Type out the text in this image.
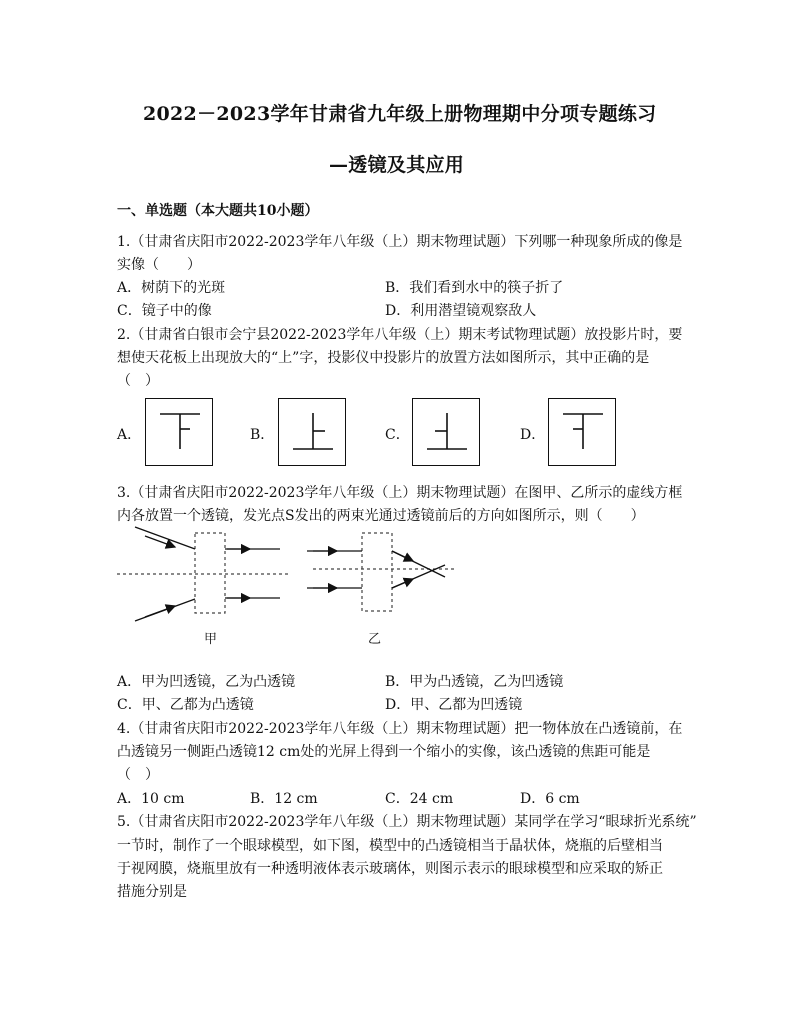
2022－2023学年甘肃省九年级上册物理期中分项专题练习
—透镜及其应用
一、单选题（本大题共10小题）
1.（甘肃省庆阳市2022-2023学年八年级（上）期末物理试题）下列哪一种现象所成的像是
实像（　　）
A．树荫下的光斑	B．我们看到水中的筷子折了
C．镜子中的像	D．利用潜望镜观察敌人
2.（甘肃省白银市会宁县2022-2023学年八年级（上）期末考试物理试题）放投影片时，要
想使天花板上出现放大的“上”字，投影仪中投影片的放置方法如图所示，其中正确的是
（　）
A．	B．	C．	D．
3.（甘肃省庆阳市2022-2023学年八年级（上）期末物理试题）在图甲、乙所示的虚线方框
内各放置一个透镜，发光点S发出的两束光通过透镜前后的方向如图所示，则（　　）
甲	乙
A．甲为凹透镜，乙为凸透镜	B．甲为凸透镜，乙为凹透镜
C．甲、乙都为凸透镜	D．甲、乙都为凹透镜
4.（甘肃省庆阳市2022-2023学年八年级（上）期末物理试题）把一物体放在凸透镜前，在
凸透镜另一侧距凸透镜12 cm处的光屏上得到一个缩小的实像，该凸透镜的焦距可能是
（　）
A．10 cm	B．12 cm	C．24 cm	D．6 cm
5.（甘肃省庆阳市2022-2023学年八年级（上）期末物理试题）某同学在学习“眼球折光系统”
一节时，制作了一个眼球模型，如下图，模型中的凸透镜相当于晶状体，烧瓶的后壁相当
于视网膜，烧瓶里放有一种透明液体表示玻璃体，则图示表示的眼球模型和应采取的矫正
措施分别是
